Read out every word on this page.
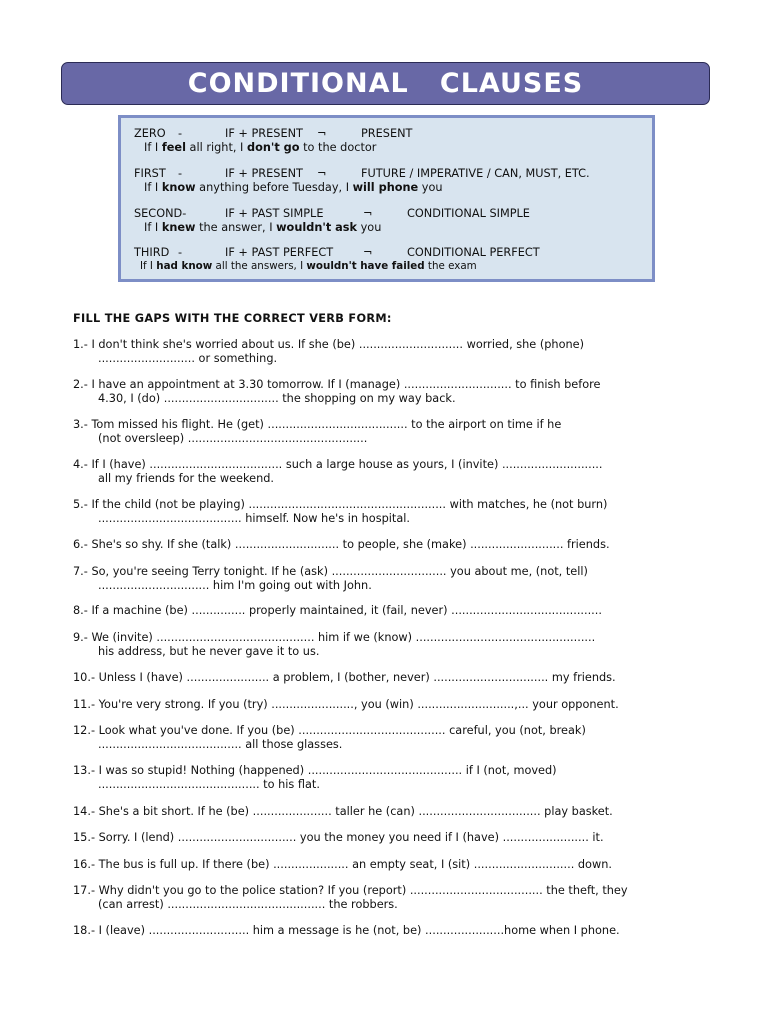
CONDITIONAL   CLAUSES
ZERO -	IF + PRESENT ¬	PRESENT
If I feel all right, I don't go to the doctor
FIRST -	IF + PRESENT ¬	FUTURE / IMPERATIVE / CAN, MUST, ETC.
If I know anything before Tuesday, I will phone you
SECOND-	IF + PAST SIMPLE	¬	CONDITIONAL SIMPLE
If I knew the answer, I wouldn't ask you
THIRD -	IF + PAST PERFECT	¬	CONDITIONAL PERFECT
If I had know all the answers, I wouldn't have failed the exam
FILL THE GAPS WITH THE CORRECT VERB FORM:
1.- I don't think she's worried about us. If she (be) ............................. worried, she (phone)
........................... or something.
2.- I have an appointment at 3.30 tomorrow. If I (manage) .............................. to finish before
4.30, I (do) ................................ the shopping on my way back.
3.- Tom missed his flight. He (get) ....................................... to the airport on time if he
(not oversleep) ..................................................
4.- If I (have) ..................................... such a large house as yours, I (invite) ............................
all my friends for the weekend.
5.- If the child (not be playing) ....................................................... with matches, he (not burn)
........................................ himself. Now he's in hospital.
6.- She's so shy. If she (talk) ............................. to people, she (make) .......................... friends.
7.- So, you're seeing Terry tonight. If he (ask) ................................ you about me, (not, tell)
............................... him I'm going out with John.
8.- If a machine (be) ............... properly maintained, it (fail, never) ..........................................
9.- We (invite) ............................................ him if we (know) ..................................................
his address, but he never gave it to us.
10.- Unless I (have) ....................... a problem, I (bother, never) ................................ my friends.
11.- You're very strong. If you (try) ......................., you (win) ...........................,... your opponent.
12.- Look what you've done. If you (be) ......................................... careful, you (not, break)
........................................ all those glasses.
13.- I was so stupid! Nothing (happened) ........................................... if I (not, moved)
............................................. to his flat.
14.- She's a bit short. If he (be) ...................... taller he (can) .................................. play basket.
15.- Sorry. I (lend) ................................. you the money you need if I (have) ........................ it.
16.- The bus is full up. If there (be) ..................... an empty seat, I (sit) ............................ down.
17.- Why didn't you go to the police station? If you (report) ..................................... the theft, they
(can arrest) ............................................ the robbers.
18.- I (leave) ............................ him a message is he (not, be) ......................home when I phone.
